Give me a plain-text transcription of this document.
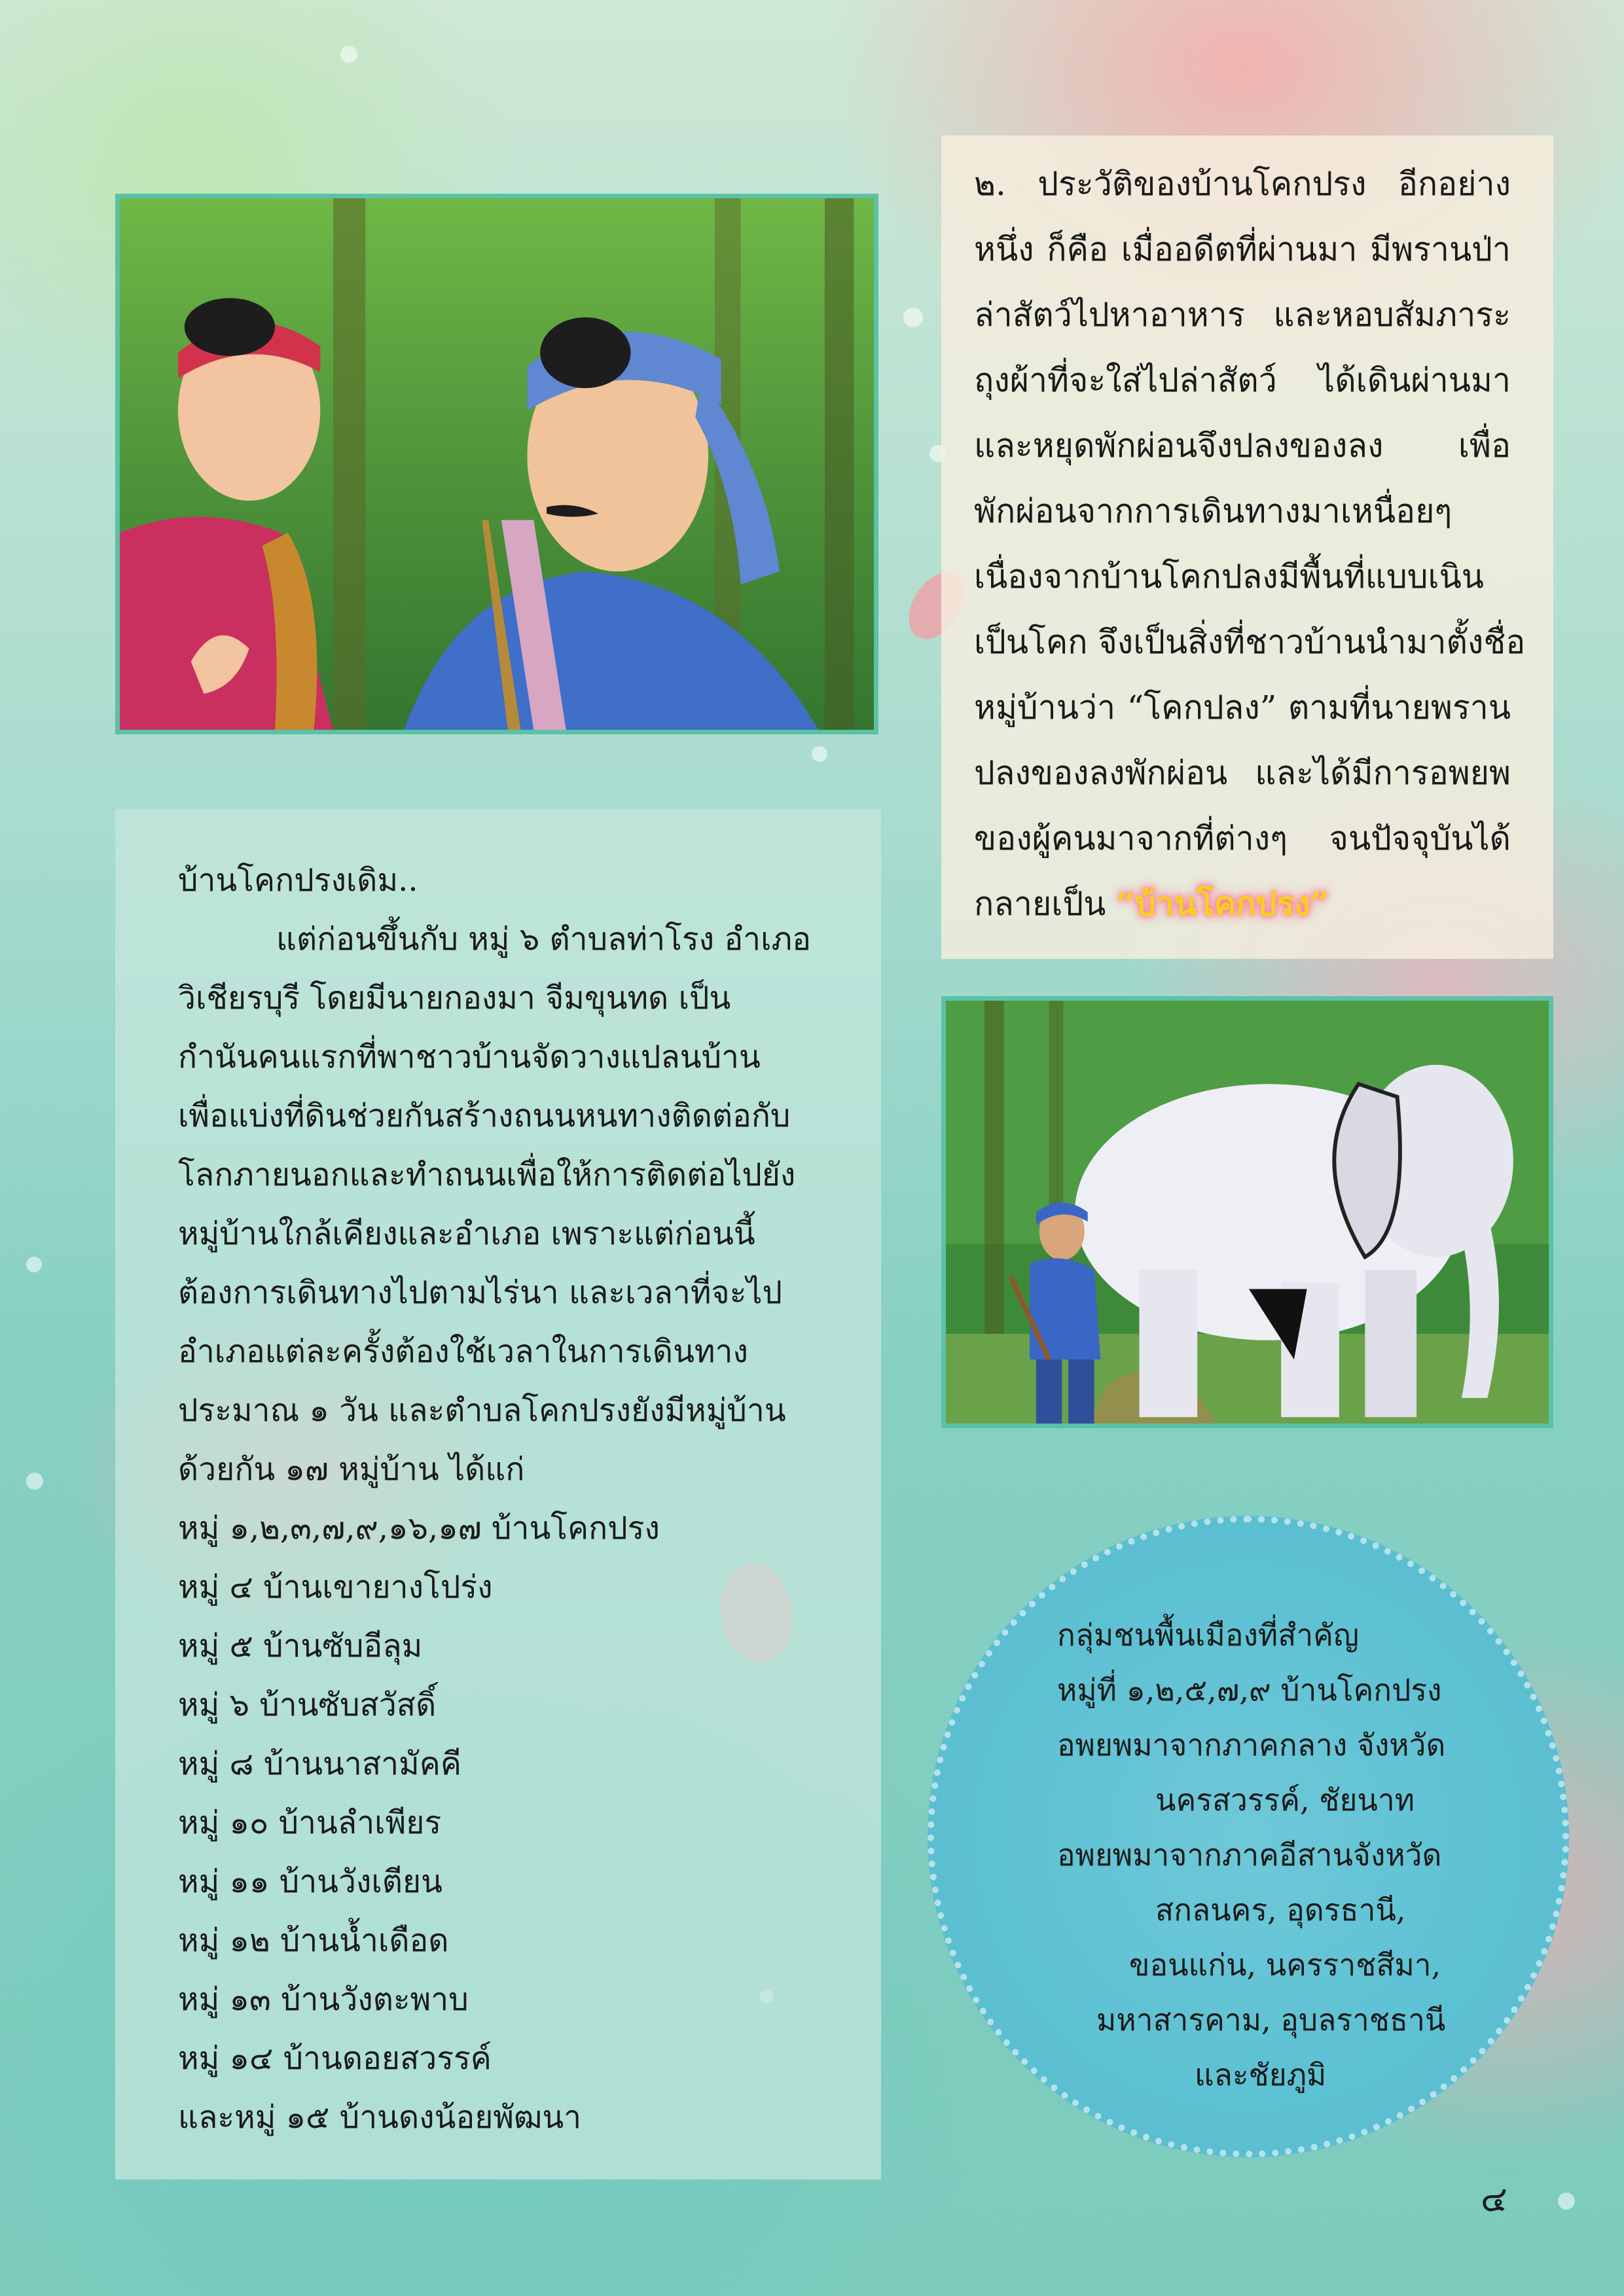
๒. ประวัติของบ้านโคกปรง อีกอย่าง
หนึ่ง ก็คือ เมื่ออดีตที่ผ่านมา มีพรานป่า
ล่าสัตว์ไปหาอาหาร และหอบสัมภาระ
ถุงผ้าที่จะใส่ไปล่าสัตว์ ได้เดินผ่านมา
และหยุดพักผ่อนจึงปลงของลง เพื่อ
พักผ่อนจากการเดินทางมาเหนื่อยๆ
เนื่องจากบ้านโคกปลงมีพื้นที่แบบเนิน
เป็นโคก จึงเป็นสิ่งที่ชาวบ้านนำมาตั้งชื่อ
หมู่บ้านว่า “โคกปลง” ตามที่นายพราน
ปลงของลงพักผ่อน และได้มีการอพยพ
ของผู้คนมาจากที่ต่างๆ จนปัจจุบันได้
กลายเป็น “บ้านโคกปรง”
บ้านโคกปรงเดิม..
แต่ก่อนขึ้นกับ หมู่ ๖ ตำบลท่าโรง อำเภอ
วิเชียรบุรี โดยมีนายกองมา จีมขุนทด เป็น
กำนันคนแรกที่พาชาวบ้านจัดวางแปลนบ้าน
เพื่อแบ่งที่ดินช่วยกันสร้างถนนหนทางติดต่อกับ
โลกภายนอกและทำถนนเพื่อให้การติดต่อไปยัง
หมู่บ้านใกล้เคียงและอำเภอ เพราะแต่ก่อนนี้
ต้องการเดินทางไปตามไร่นา และเวลาที่จะไป
อำเภอแต่ละครั้งต้องใช้เวลาในการเดินทาง
ประมาณ ๑ วัน และตำบลโคกปรงยังมีหมู่บ้าน
ด้วยกัน ๑๗ หมู่บ้าน ได้แก่
หมู่ ๑,๒,๓,๗,๙,๑๖,๑๗ บ้านโคกปรง
หมู่ ๔ บ้านเขายางโปร่ง
หมู่ ๕ บ้านซับอีลุม
หมู่ ๖ บ้านซับสวัสดิ์
หมู่ ๘ บ้านนาสามัคคี
หมู่ ๑๐ บ้านลำเพียร
หมู่ ๑๑ บ้านวังเตียน
หมู่ ๑๒ บ้านน้ำเดือด
หมู่ ๑๓ บ้านวังตะพาบ
หมู่ ๑๔ บ้านดอยสวรรค์
และหมู่ ๑๕ บ้านดงน้อยพัฒนา
กลุ่มชนพื้นเมืองที่สำคัญ
หมู่ที่ ๑,๒,๕,๗,๙ บ้านโคกปรง
อพยพมาจากภาคกลาง จังหวัด
นครสวรรค์, ชัยนาท
อพยพมาจากภาคอีสานจังหวัด
สกลนคร, อุดรธานี,
ขอนแก่น, นครราชสีมา,
มหาสารคาม, อุบลราชธานี
และชัยภูมิ
๔
